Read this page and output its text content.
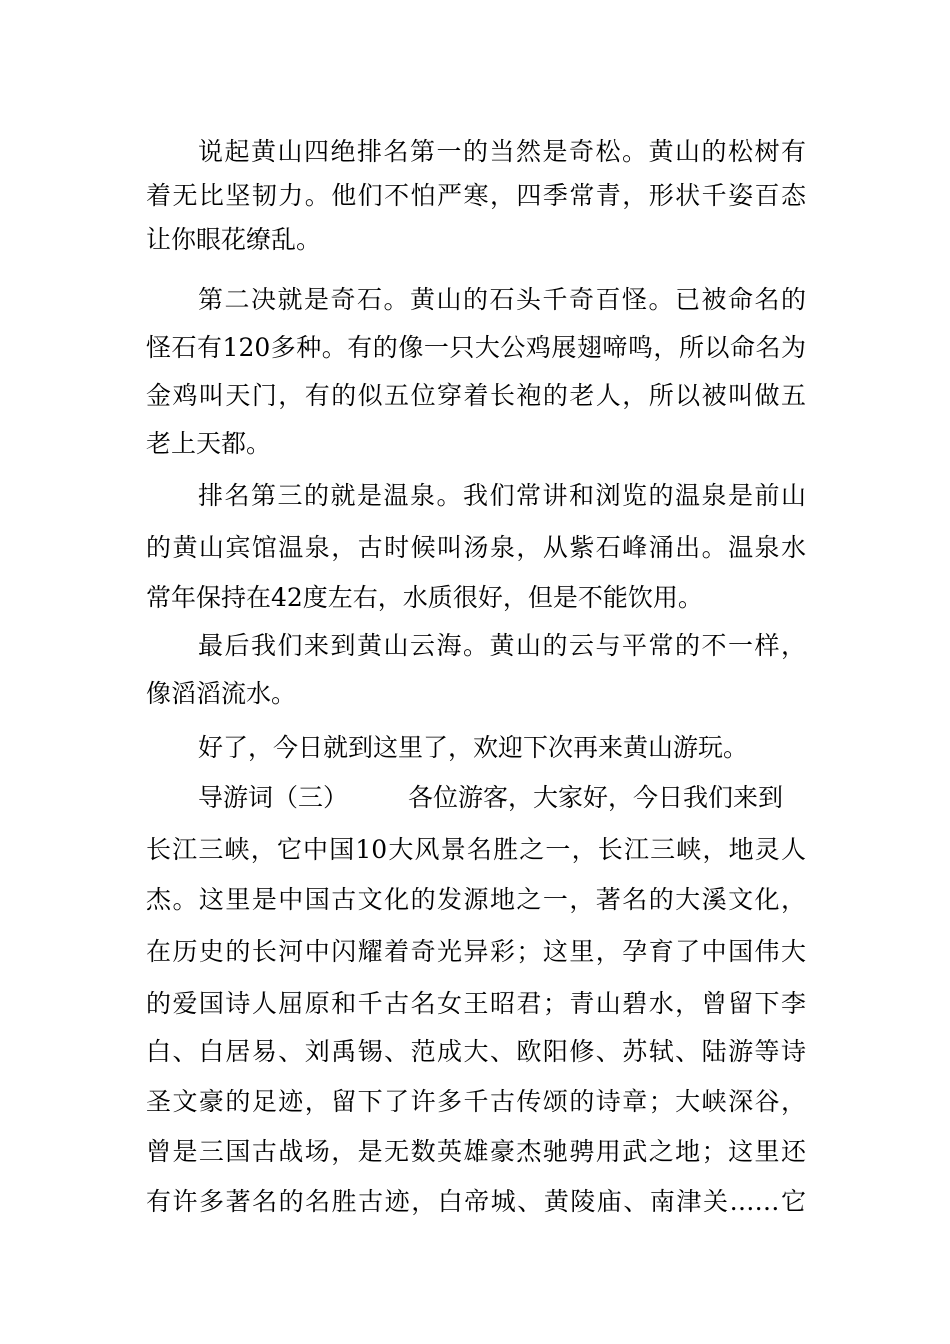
说起黄山四绝排名第一的当然是奇松。黄山的松树有
着无比坚韧力。他们不怕严寒，四季常青，形状千姿百态
让你眼花缭乱。
第二决就是奇石。黄山的石头千奇百怪。已被命名的
怪石有120多种。有的像一只大公鸡展翅啼鸣，所以命名为
金鸡叫天门，有的似五位穿着长袍的老人，所以被叫做五
老上天都。
排名第三的就是温泉。我们常讲和浏览的温泉是前山
的黄山宾馆温泉，古时候叫汤泉，从紫石峰涌出。温泉水
常年保持在42度左右，水质很好，但是不能饮用。
最后我们来到黄山云海。黄山的云与平常的不一样，
像滔滔流水。
好了，今日就到这里了，欢迎下次再来黄山游玩。
导游词（三） 各位游客，大家好，今日我们来到
长江三峡，它中国10大风景名胜之一，长江三峡，地灵人
杰。这里是中国古文化的发源地之一，著名的大溪文化，
在历史的长河中闪耀着奇光异彩；这里，孕育了中国伟大
的爱国诗人屈原和千古名女王昭君；青山碧水，曾留下李
白、白居易、刘禹锡、范成大、欧阳修、苏轼、陆游等诗
圣文豪的足迹，留下了许多千古传颂的诗章；大峡深谷，
曾是三国古战场，是无数英雄豪杰驰骋用武之地；这里还
有许多著名的名胜古迹，白帝城、黄陵庙、南津关……它
